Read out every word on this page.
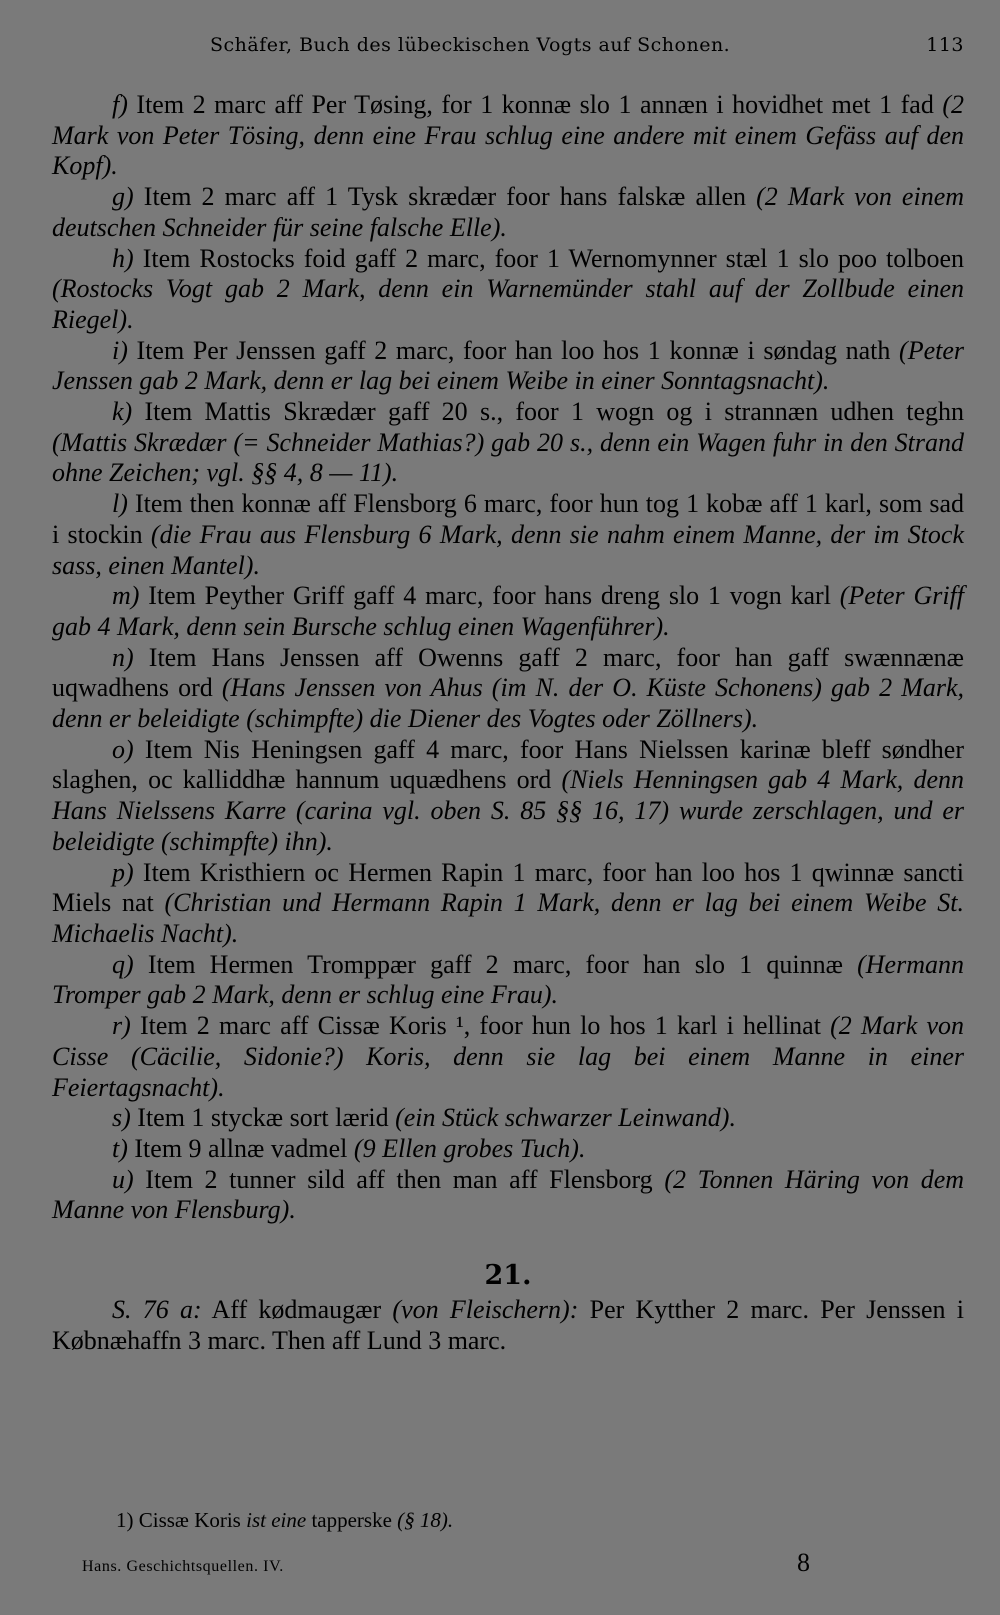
Schäfer, Buch des lübeckischen Vogts auf Schonen.	113

f) Item 2 marc aff Per Tøsing, for 1 konnæ slo 1 annæn i hovidhet met 1 fad (2 Mark von Peter Tösing, denn eine Frau schlug eine andere mit einem Gefäss auf den Kopf).

g) Item 2 marc aff 1 Tysk skrædær foor hans falskæ allen (2 Mark von einem deutschen Schneider für seine falsche Elle).

h) Item Rostocks foid gaff 2 marc, foor 1 Wernomynner stæl 1 slo poo tolboen (Rostocks Vogt gab 2 Mark, denn ein Warnemünder stahl auf der Zollbude einen Riegel).

i) Item Per Jenssen gaff 2 marc, foor han loo hos 1 konnæ i søndag nath (Peter Jenssen gab 2 Mark, denn er lag bei einem Weibe in einer Sonntagsnacht).

k) Item Mattis Skrædær gaff 20 s., foor 1 wogn og i strannæn udhen teghn (Mattis Skrædær (= Schneider Mathias?) gab 20 s., denn ein Wagen fuhr in den Strand ohne Zeichen; vgl. §§ 4, 8 — 11).

l) Item then konnæ aff Flensborg 6 marc, foor hun tog 1 kobæ aff 1 karl, som sad i stockin (die Frau aus Flensburg 6 Mark, denn sie nahm einem Manne, der im Stock sass, einen Mantel).

m) Item Peyther Griff gaff 4 marc, foor hans dreng slo 1 vogn karl (Peter Griff gab 4 Mark, denn sein Bursche schlug einen Wagenführer).

n) Item Hans Jenssen aff Owenns gaff 2 marc, foor han gaff swænnænæ uqwadhens ord (Hans Jenssen von Ahus (im N. der O. Küste Schonens) gab 2 Mark, denn er beleidigte (schimpfte) die Diener des Vogtes oder Zöllners).

o) Item Nis Heningsen gaff 4 marc, foor Hans Nielssen karinæ bleff søndher slaghen, oc kalliddhæ hannum uquædhens ord (Niels Henningsen gab 4 Mark, denn Hans Nielssens Karre (carina vgl. oben S. 85 §§ 16, 17) wurde zerschlagen, und er beleidigte (schimpfte) ihn).

p) Item Kristhiern oc Hermen Rapin 1 marc, foor han loo hos 1 qwinnæ sancti Miels nat (Christian und Hermann Rapin 1 Mark, denn er lag bei einem Weibe St. Michaelis Nacht).

q) Item Hermen Tromppær gaff 2 marc, foor han slo 1 quinnæ (Hermann Tromper gab 2 Mark, denn er schlug eine Frau).

r) Item 2 marc aff Cissæ Koris ¹, foor hun lo hos 1 karl i hellinat (2 Mark von Cisse (Cäcilie, Sidonie?) Koris, denn sie lag bei einem Manne in einer Feiertagsnacht).

s) Item 1 styckæ sort lærid (ein Stück schwarzer Leinwand).

t) Item 9 allnæ vadmel (9 Ellen grobes Tuch).

u) Item 2 tunner sild aff then man aff Flensborg (2 Tonnen Häring von dem Manne von Flensburg).

21.

S. 76 a: Aff kødmaugær (von Fleischern): Per Kytther 2 marc. Per Jenssen i Købnæhaffn 3 marc. Then aff Lund 3 marc.

1) Cissæ Koris ist eine tapperske (§ 18).
Hans. Geschichtsquellen. IV.	8
